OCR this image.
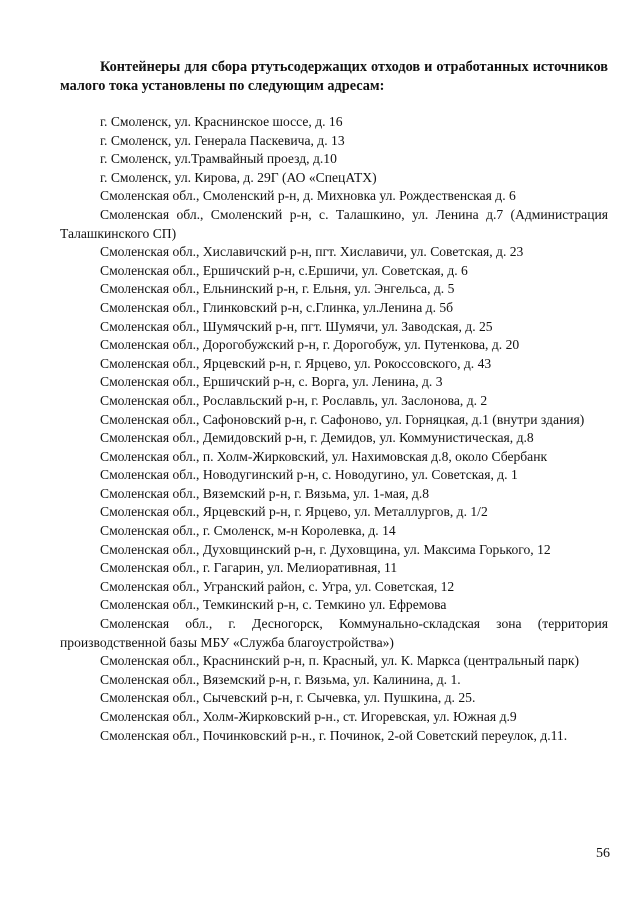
Контейнеры для сбора ртутьсодержащих отходов и отработанных источников малого тока установлены по следующим адресам:

г. Смоленск, ул. Краснинское шоссе, д. 16

г. Смоленск, ул. Генерала Паскевича, д. 13

г. Смоленск, ул.Трамвайный проезд, д.10

г. Смоленск, ул. Кирова, д. 29Г (АО «СпецАТХ)

Смоленская обл., Смоленский р-н, д. Михновка ул. Рождественская д. 6

Смоленская обл., Смоленский р-н, с. Талашкино, ул. Ленина д.7 (Администрация Талашкинского СП)

Смоленская обл., Хиславичский р-н, пгт. Хиславичи, ул. Советская, д. 23

Смоленская обл., Ершичский р-н, с.Ершичи, ул. Советская, д. 6

Смоленская обл., Ельнинский р-н, г. Ельня, ул. Энгельса, д. 5

Смоленская обл., Глинковский р-н, с.Глинка, ул.Ленина д. 5б

Смоленская обл., Шумячский р-н, пгт. Шумячи, ул. Заводская, д. 25

Смоленская обл., Дорогобужский р-н, г. Дорогобуж, ул. Путенкова, д. 20

Смоленская обл., Ярцевский р-н, г. Ярцево, ул. Рокоссовского, д. 43

Смоленская обл., Ершичский р-н, с. Ворга, ул. Ленина, д. 3

Смоленская обл., Рославльский р-н, г. Рославль, ул. Заслонова, д. 2

Смоленская обл., Сафоновский р-н, г. Сафоново, ул. Горняцкая, д.1 (внутри здания)

Смоленская обл., Демидовский р-н, г. Демидов, ул. Коммунистическая, д.8

Смоленская обл., п. Холм-Жирковский, ул. Нахимовская д.8, около Сбербанк

Смоленская обл., Новодугинский р-н, с. Новодугино, ул. Советская, д. 1

Смоленская обл., Вяземский р-н, г. Вязьма, ул. 1-мая, д.8

Смоленская обл., Ярцевский р-н, г. Ярцево, ул. Металлургов, д. 1/2

Смоленская обл., г. Смоленск, м-н Королевка, д. 14

Смоленская обл., Духовщинский р-н, г. Духовщина, ул. Максима Горького, 12

Смоленская обл., г. Гагарин, ул. Мелиоративная, 11

Смоленская обл., Угранский район, с. Угра, ул. Советская, 12

Смоленская обл., Темкинский р-н, с. Темкино ул. Ефремова

Смоленская обл., г. Десногорск, Коммунально-складская зона (территория производственной базы МБУ «Служба благоустройства»)

Смоленская обл., Краснинский р-н, п. Красный, ул. К. Маркса (центральный парк)

Смоленская обл., Вяземский р-н, г. Вязьма, ул. Калинина, д. 1.

Смоленская обл., Сычевский р-н, г. Сычевка, ул. Пушкина, д. 25.

Смоленская обл., Холм-Жирковский р-н., ст. Игоревская, ул. Южная д.9

Смоленская обл., Починковский р-н., г. Починок, 2-ой Советский переулок, д.11.

56
